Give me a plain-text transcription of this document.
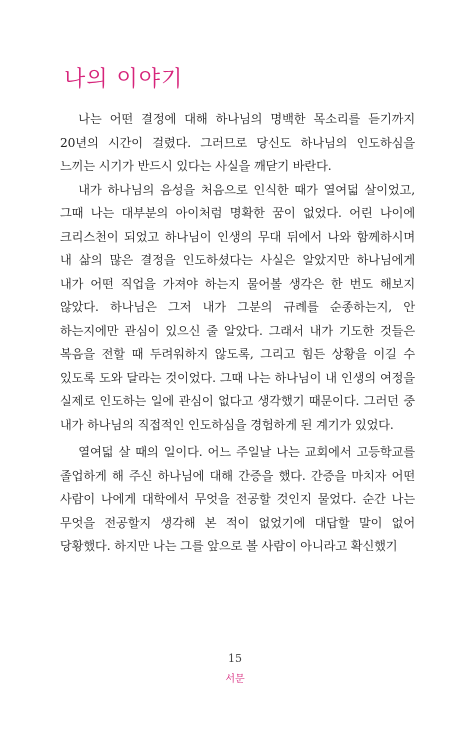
나의 이야기

나는 어떤 결정에 대해 하나님의 명백한 목소리를 듣기까지 20년의 시간이 걸렸다. 그러므로 당신도 하나님의 인도하심을 느끼는 시기가 반드시 있다는 사실을 깨닫기 바란다.

내가 하나님의 음성을 처음으로 인식한 때가 열여덟 살이었고, 그때 나는 대부분의 아이처럼 명확한 꿈이 없었다. 어린 나이에 크리스천이 되었고 하나님이 인생의 무대 뒤에서 나와 함께하시며 내 삶의 많은 결정을 인도하셨다는 사실은 알았지만 하나님에게 내가 어떤 직업을 가져야 하는지 물어볼 생각은 한 번도 해보지 않았다. 하나님은 그저 내가 그분의 규례를 순종하는지, 안 하는지에만 관심이 있으신 줄 알았다. 그래서 내가 기도한 것들은 복음을 전할 때 두려워하지 않도록, 그리고 힘든 상황을 이길 수 있도록 도와 달라는 것이었다. 그때 나는 하나님이 내 인생의 여정을 실제로 인도하는 일에 관심이 없다고 생각했기 때문이다. 그러던 중 내가 하나님의 직접적인 인도하심을 경험하게 된 계기가 있었다.

열여덟 살 때의 일이다. 어느 주일날 나는 교회에서 고등학교를 졸업하게 해 주신 하나님에 대해 간증을 했다. 간증을 마치자 어떤 사람이 나에게 대학에서 무엇을 전공할 것인지 물었다. 순간 나는 무엇을 전공할지 생각해 본 적이 없었기에 대답할 말이 없어 당황했다. 하지만 나는 그를 앞으로 볼 사람이 아니라고 확신했기

15
서문
